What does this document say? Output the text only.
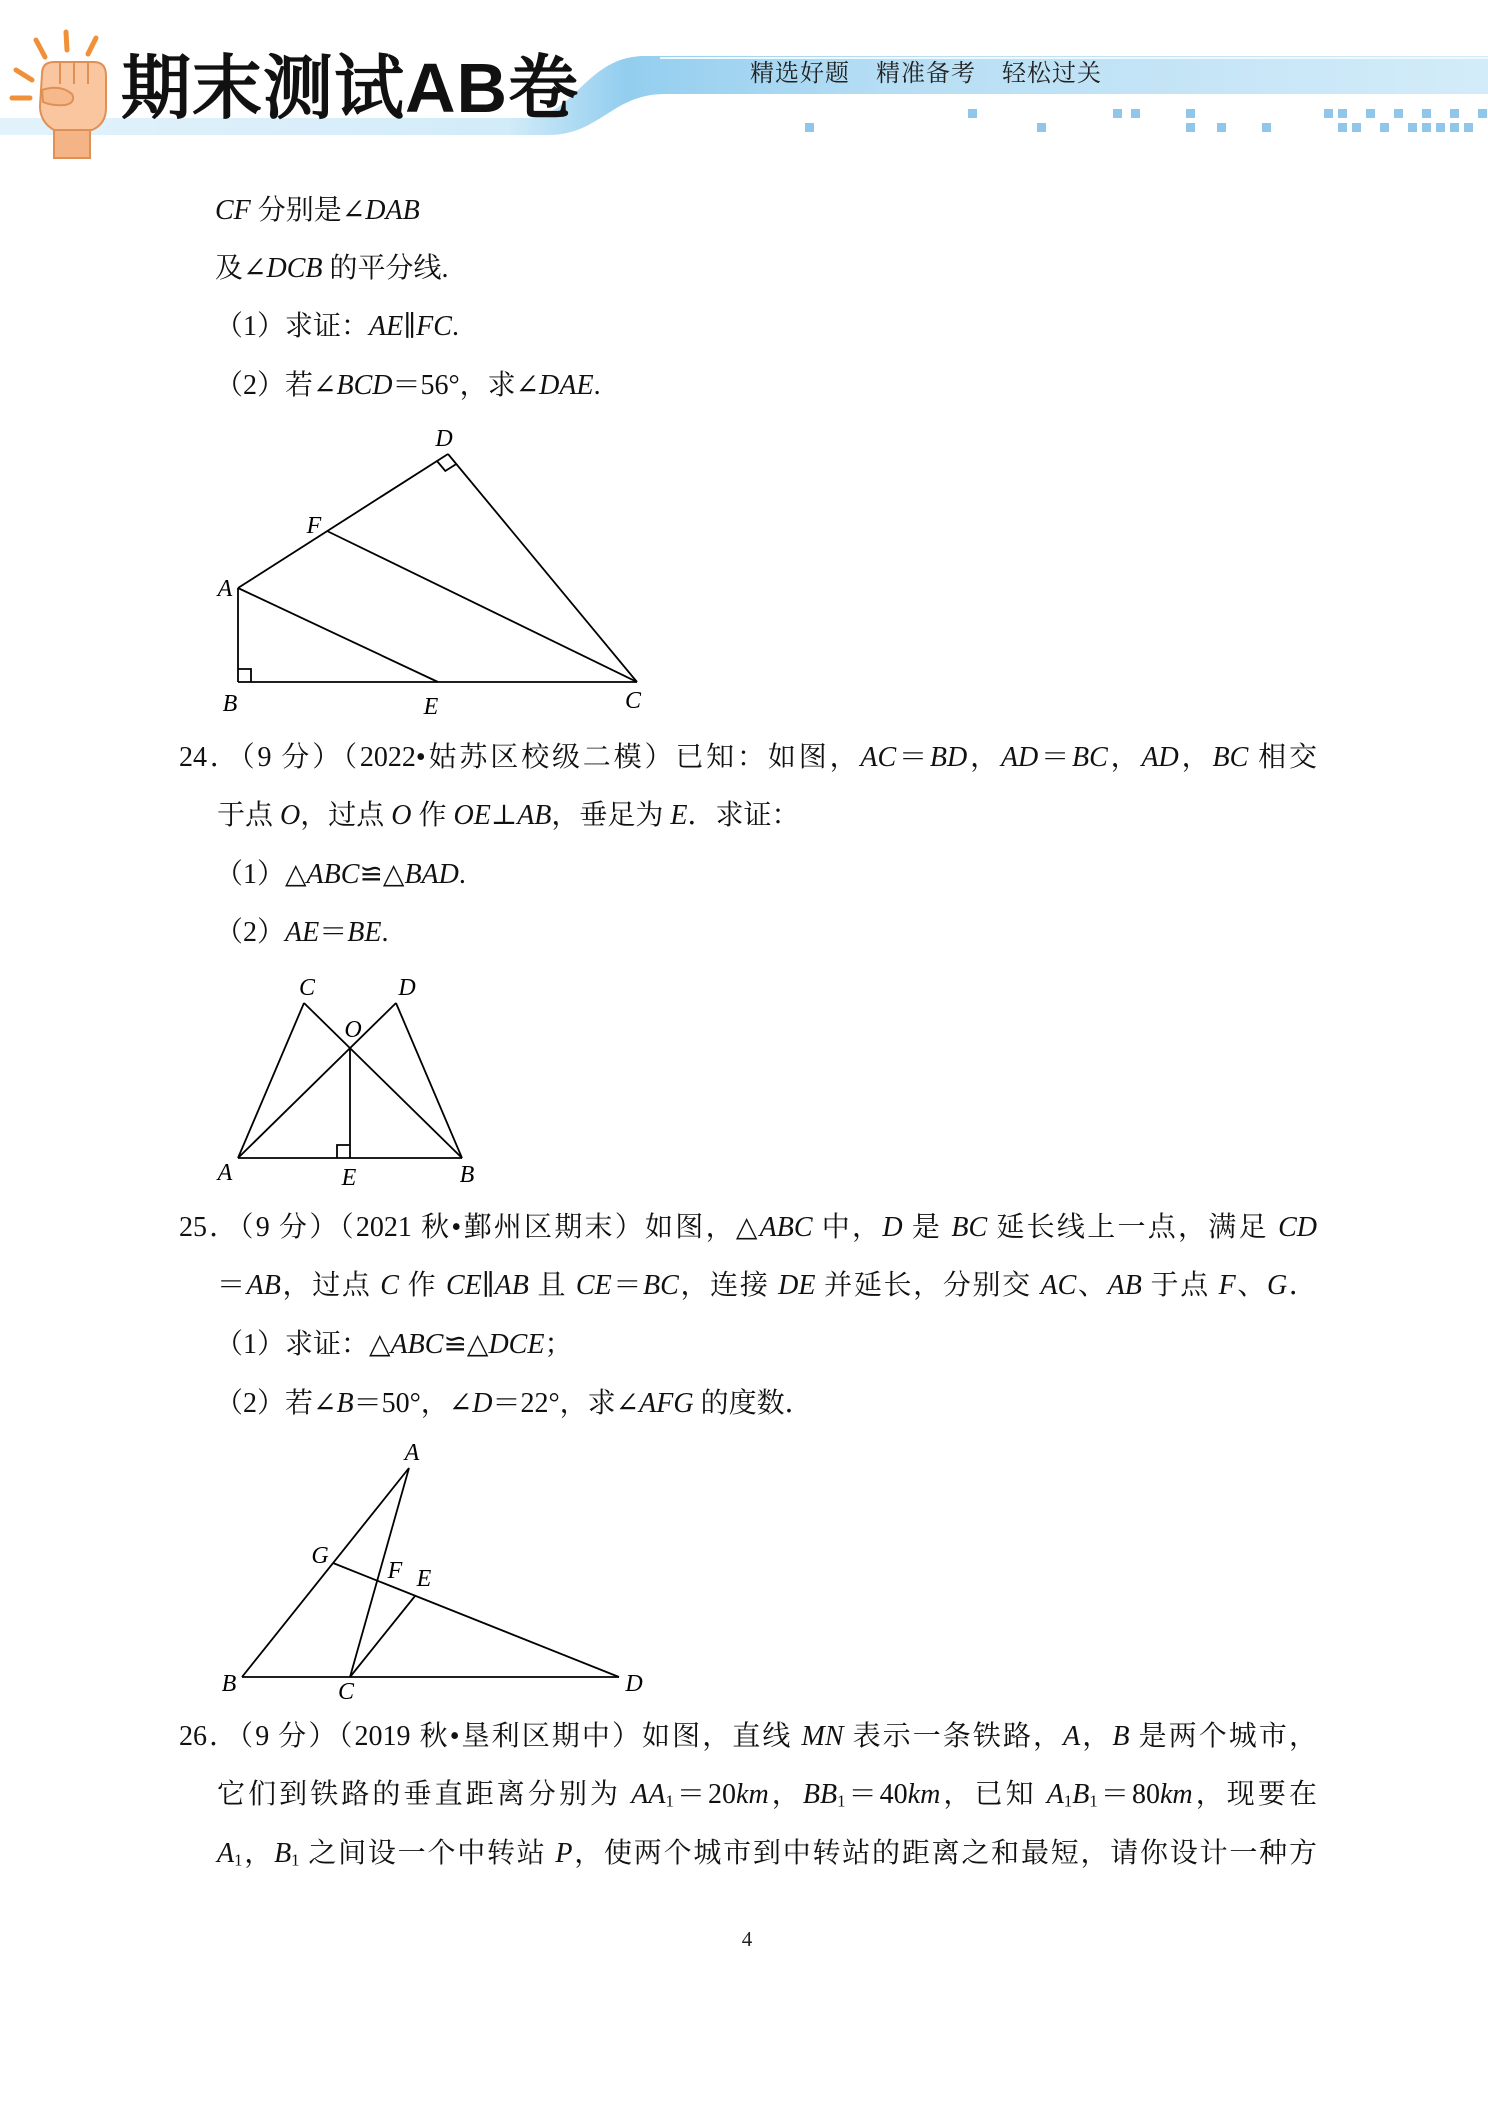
期末测试AB卷	精选好题 精准备考 轻松过关
CF 分别是∠DAB
及∠DCB 的平分线.
（1）求证：AE∥FC.
（2）若∠BCD＝56°，求∠DAE.
D
F
A
B	E	C
24．（9 分）（2022•姑苏区校级二模）已知：如图，AC＝BD，AD＝BC，AD，BC 相交
于点 O，过点 O 作 OE⊥AB，垂足为 E．求证：
（1）△ABC≌△BAD.
（2）AE＝BE.
C	D
O
A	E	B
25．（9 分）（2021 秋•鄞州区期末）如图，△ABC 中，D 是 BC 延长线上一点，满足 CD
＝AB，过点 C 作 CE∥AB 且 CE＝BC，连接 DE 并延长，分别交 AC、AB 于点 F、G．
（1）求证：△ABC≌△DCE；
（2）若∠B＝50°，∠D＝22°，求∠AFG 的度数．
A
G
F E
B	C	D
26．（9 分）（2019 秋•垦利区期中）如图，直线 MN 表示一条铁路，A，B 是两个城市，
它们到铁路的垂直距离分别为 $AA_1=20km$，$BB_1=40km$，已知 $A_1B_1=80km$，现要在
$A_1$，$B_1$ 之间设一个中转站 P，使两个城市到中转站的距离之和最短，请你设计一种方
4
